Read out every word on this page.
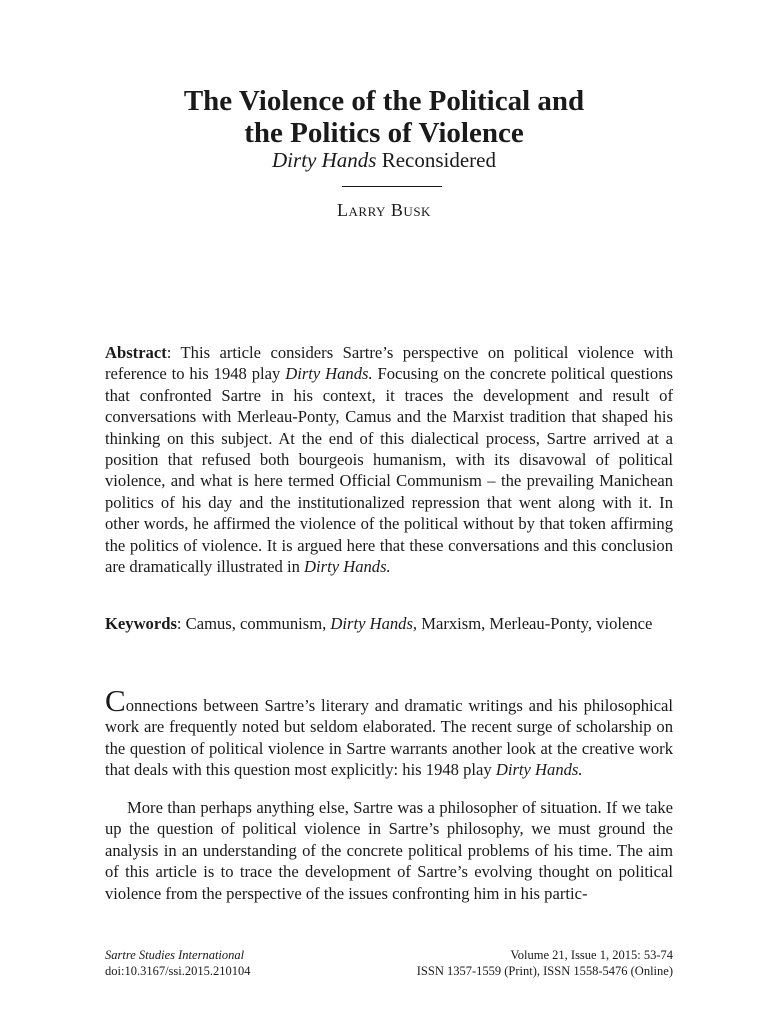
The Violence of the Political and
the Politics of Violence
Dirty Hands Reconsidered
Larry Busk

Abstract: This article considers Sartre’s perspective on political violence with reference to his 1948 play Dirty Hands. Focusing on the concrete political questions that confronted Sartre in his context, it traces the development and result of conversations with Merleau-Ponty, Camus and the Marxist tradition that shaped his thinking on this subject. At the end of this dialectical process, Sartre arrived at a position that refused both bourgeois humanism, with its disavowal of political violence, and what is here termed Official Communism – the prevailing Manichean politics of his day and the institutionalized repression that went along with it. In other words, he affirmed the violence of the political without by that token affirming the politics of violence. It is argued here that these conversations and this conclusion are dramatically illustrated in Dirty Hands.

Keywords: Camus, communism, Dirty Hands, Marxism, Merleau-Ponty, violence

Connections between Sartre’s literary and dramatic writings and his philosophical work are frequently noted but seldom elaborated. The recent surge of scholarship on the question of political violence in Sartre warrants another look at the creative work that deals with this question most explicitly: his 1948 play Dirty Hands.

More than perhaps anything else, Sartre was a philosopher of situation. If we take up the question of political violence in Sartre’s philosophy, we must ground the analysis in an understanding of the concrete political problems of his time. The aim of this article is to trace the development of Sartre’s evolving thought on political violence from the perspective of the issues confronting him in his partic-

Sartre Studies International
doi:10.3167/ssi.2015.210104
Volume 21, Issue 1, 2015: 53-74
ISSN 1357-1559 (Print), ISSN 1558-5476 (Online)
